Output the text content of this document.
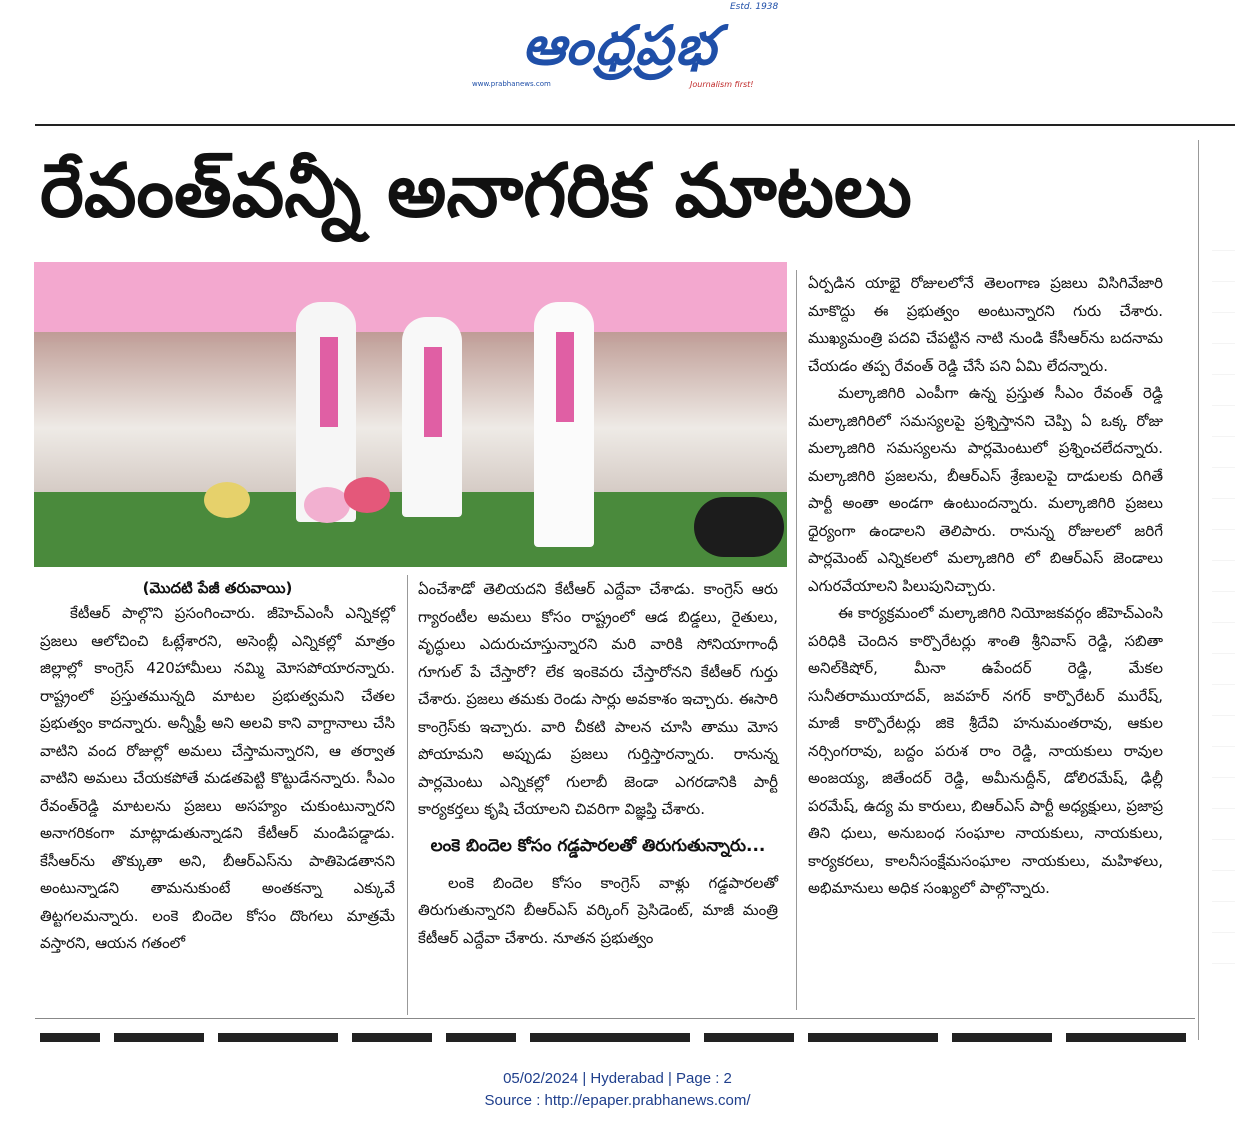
ఆంధ్రప్రభ
Estd. 1938
www.prabhanews.com	Journalism first!
రేవంత్‌వన్నీ అనాగరిక మాటలు
(మొదటి పేజీ తరువాయి)

కేటీఆర్ పాల్గొని ప్రసంగించారు. జీహెచ్ఎంసీ ఎన్నికల్లో ప్రజలు ఆలోచించి ఓట్లేశారని, అసెంబ్లీ ఎన్నికల్లో మాత్రం జిల్లాల్లో కాంగ్రెస్ 420హామీలు నమ్మి మోసపోయారన్నారు. రాష్ట్రంలో ప్రస్తుతమున్నది మాటల ప్రభుత్వమని చేతల ప్రభుత్వం కాదన్నారు. అన్నీఫ్రీ అని అలవి కాని వాగ్దానాలు చేసి వాటిని వంద రోజుల్లో అమలు చేస్తామన్నారని, ఆ తర్వాత వాటిని అమలు చేయకపోతే మడతపెట్టి కొట్టుడేనన్నారు. సీఎం రేవంత్‌రెడ్డి మాటలను ప్రజలు అసహ్యం చుకుంటున్నారని అనాగరికంగా మాట్లాడుతున్నాడని కేటీఆర్ మండిపడ్డాడు. కేసీఆర్‌ను తొక్కుతా అని, బీఆర్ఎస్‌ను పాతిపెడతానని అంటున్నాడని తామనుకుంటే అంతకన్నా ఎక్కువే తిట్టగలమన్నారు. లంకె బిందెల కోసం దొంగలు మాత్రమే వస్తారని, ఆయన గతంలో

ఏంచేశాడో తెలియదని కేటీఆర్ ఎద్దేవా చేశాడు. కాంగ్రెస్ ఆరు గ్యారంటీల అమలు కోసం రాష్ట్రంలో ఆడ బిడ్డలు, రైతులు, వృద్ధులు ఎదురుచూస్తున్నారని మరి వారికి సోనియాగాంధీ గూగుల్ పే చేస్తారో? లేక ఇంకెవరు చేస్తారోనని కేటీఆర్ గుర్తు చేశారు. ప్రజలు తమకు రెండు సార్లు అవకాశం ఇచ్చారు. ఈసారి కాంగ్రెస్‌కు ఇచ్చారు. వారి చీకటి పాలన చూసి తాము మోస పోయామని అప్పుడు ప్రజలు గుర్తిస్తారన్నారు. రానున్న పార్లమెంటు ఎన్నికల్లో గులాబీ జెండా ఎగరడానికి పార్టీ కార్యకర్తలు కృషి చేయాలని చివరిగా విజ్ఞప్తి చేశారు.

లంకె బిందెల కోసం గడ్డపారలతో తిరుగుతున్నారు...

లంకె బిందెల కోసం కాంగ్రెస్ వాళ్లు గడ్డపారలతో తిరుగుతున్నారని బీఆర్ఎస్ వర్కింగ్ ప్రెసిడెంట్, మాజీ మంత్రి కేటీఆర్ ఎద్దేవా చేశారు. నూతన ప్రభుత్వం

ఏర్పడిన యాభై రోజులలోనే తెలంగాణ ప్రజలు విసిగివేజారి మాకొద్దు ఈ ప్రభుత్వం అంటున్నారని గురు చేశారు. ముఖ్యమంత్రి పదవి చేపట్టిన నాటి నుండి కేసీఆర్‌ను బదనామ చేయడం తప్ప రేవంత్ రెడ్డి చేసే పని ఏమి లేదన్నారు.

మల్కాజిగిరి ఎంపీగా ఉన్న ప్రస్తుత సీఎం రేవంత్ రెడ్డి మల్కాజిగిరిలో సమస్యలపై ప్రశ్నిస్తానని చెప్పి ఏ ఒక్క రోజు మల్కాజిగిరి సమస్యలను పార్లమెంటులో ప్రశ్నించలేదన్నారు. మల్కాజిగిరి ప్రజలను, బీఆర్ఎస్ శ్రేణులపై దాడులకు దిగితే పార్టీ అంతా అండగా ఉంటుందన్నారు. మల్కాజిగిరి ప్రజలు ధైర్యంగా ఉండాలని తెలిపారు. రానున్న రోజులలో జరిగే పార్లమెంట్ ఎన్నికలలో మల్కాజిగిరి లో బిఆర్ఎస్ జెండాలు ఎగురవేయాలని పిలుపునిచ్చారు.

ఈ కార్యక్రమంలో మల్కాజిగిరి నియోజకవర్గం జీహెచ్ఎంసి పరిధికి చెందిన కార్పొరేటర్లు శాంతి శ్రీనివాస్ రెడ్డి, సబితా అనిల్‌కిషోర్, మీనా ఉపేందర్ రెడ్డి, మేకల సునీతరాముయాదవ్, జవహర్ నగర్ కార్పొరేటర్ మురేష్, మాజీ కార్పొరేటర్లు జికె శ్రీదేవి హనుమంతరావు, ఆకుల నర్సింగరావు, బద్దం పరుశ రాం రెడ్డి, నాయకులు రావుల అంజయ్య, జితేందర్ రెడ్డి, అమీనుద్దీన్, డోలిరమేష్, ఢిల్లీ పరమేష్, ఉద్య మ కారులు, బిఆర్ఎస్ పార్టీ అధ్యక్షులు, ప్రజాప్ర తిని ధులు, అనుబంధ సంఘాల నాయకులు, నాయకులు, కార్యకరలు, కాలనీసంక్షేమసంఘాల నాయకులు, మహిళలు, అభిమానులు అధిక సంఖ్యలో పాల్గొన్నారు.

05/02/2024 | Hyderabad | Page : 2
Source : http://epaper.prabhanews.com/
